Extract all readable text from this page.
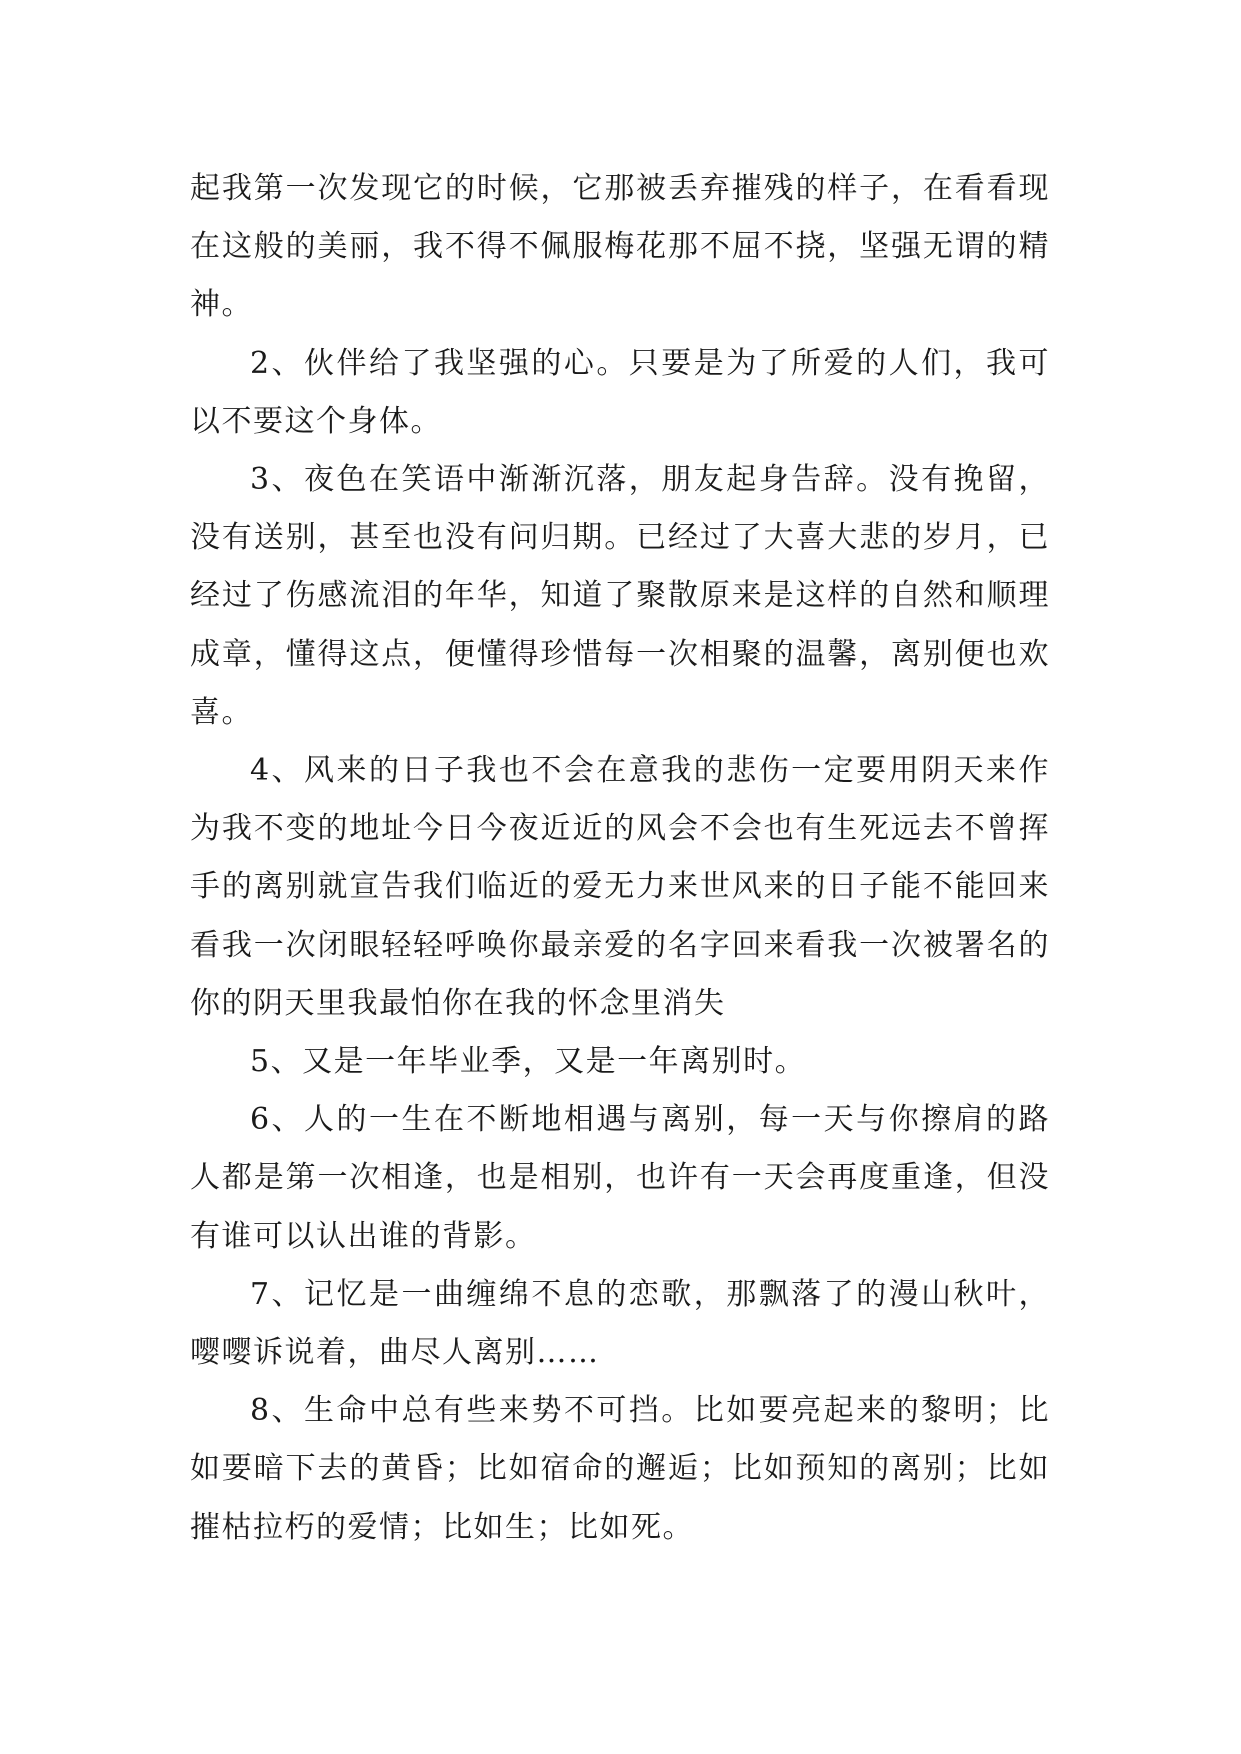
起我第一次发现它的时候，它那被丢弃摧残的样子，在看看现在这般的美丽，我不得不佩服梅花那不屈不挠，坚强无谓的精神。

2、伙伴给了我坚强的心。只要是为了所爱的人们，我可以不要这个身体。

3、夜色在笑语中渐渐沉落，朋友起身告辞。没有挽留，没有送别，甚至也没有问归期。已经过了大喜大悲的岁月，已经过了伤感流泪的年华，知道了聚散原来是这样的自然和顺理成章，懂得这点，便懂得珍惜每一次相聚的温馨，离别便也欢喜。

4、风来的日子我也不会在意我的悲伤一定要用阴天来作为我不变的地址今日今夜近近的风会不会也有生死远去不曾挥手的离别就宣告我们临近的爱无力来世风来的日子能不能回来看我一次闭眼轻轻呼唤你最亲爱的名字回来看我一次被署名的你的阴天里我最怕你在我的怀念里消失

5、又是一年毕业季，又是一年离别时。

6、人的一生在不断地相遇与离别，每一天与你擦肩的路人都是第一次相逢，也是相别，也许有一天会再度重逢，但没有谁可以认出谁的背影。

7、记忆是一曲缠绵不息的恋歌，那飘落了的漫山秋叶，嘤嘤诉说着，曲尽人离别……

8、生命中总有些来势不可挡。比如要亮起来的黎明；比如要暗下去的黄昏；比如宿命的邂逅；比如预知的离别；比如摧枯拉朽的爱情；比如生；比如死。
